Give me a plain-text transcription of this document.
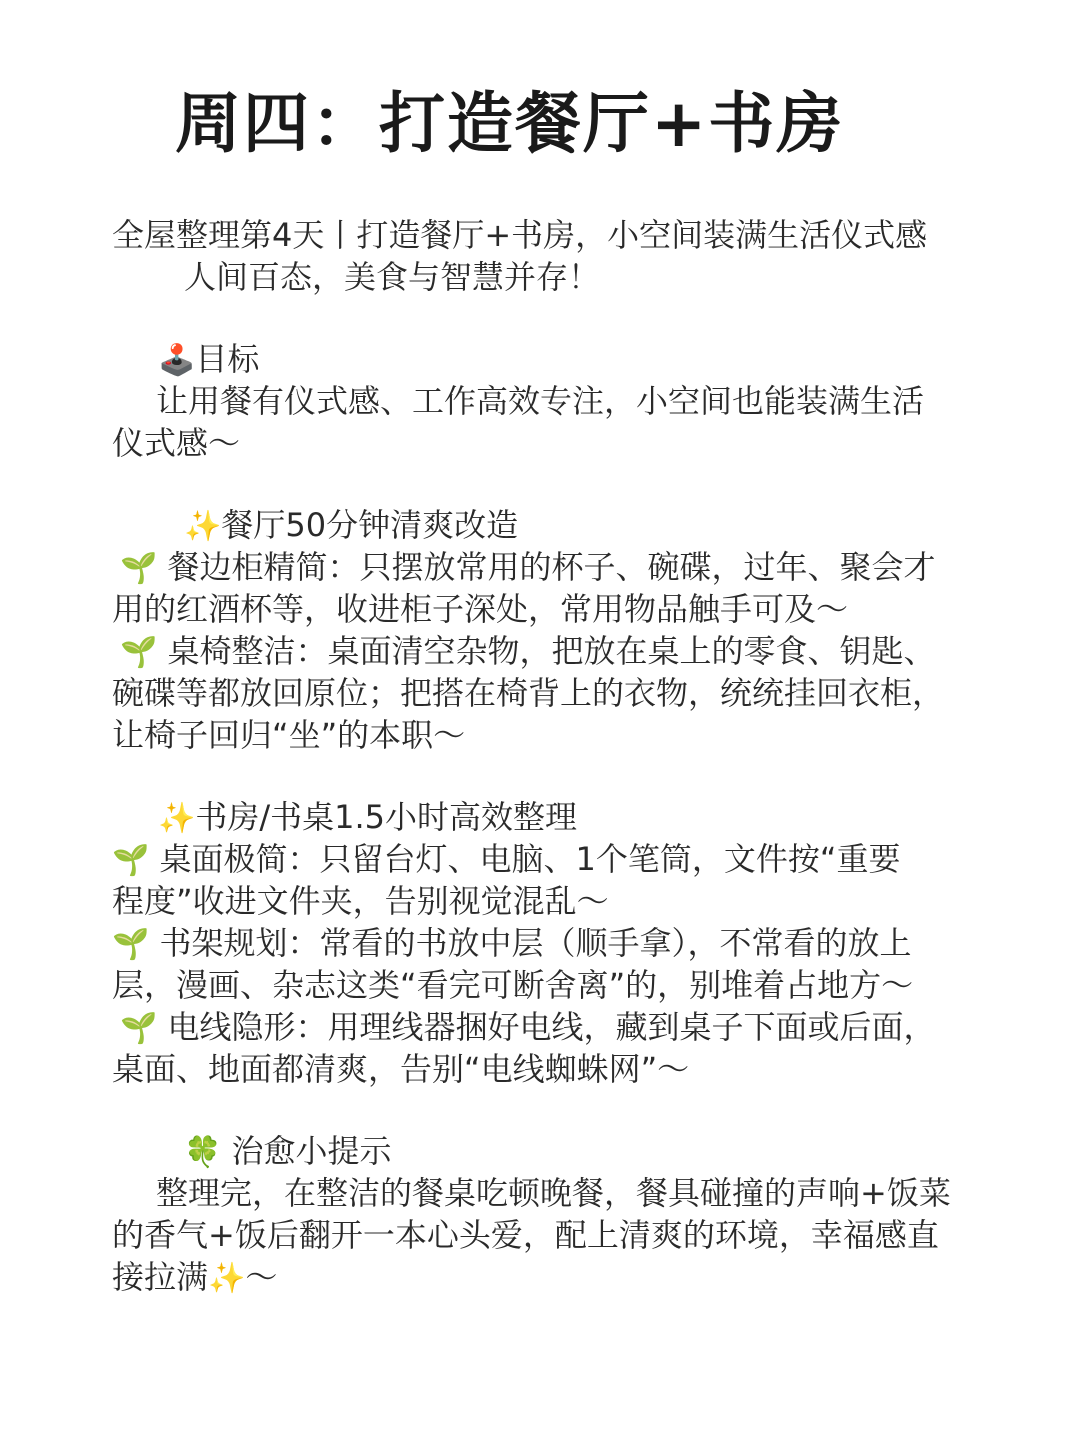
周四：打造餐厅+书房
全屋整理第4天丨打造餐厅+书房，小空间装满生活仪式感
人间百态，美食与智慧并存！
🕹️目标
让用餐有仪式感、工作高效专注，小空间也能装满生活
仪式感～
✨餐厅50分钟清爽改造
🌱 餐边柜精简：只摆放常用的杯子、碗碟，过年、聚会才
用的红酒杯等，收进柜子深处，常用物品触手可及～
🌱 桌椅整洁：桌面清空杂物，把放在桌上的零食、钥匙、
碗碟等都放回原位；把搭在椅背上的衣物，统统挂回衣柜，
让椅子回归“坐”的本职～
✨书房/书桌1.5小时高效整理
🌱 桌面极简：只留台灯、电脑、1个笔筒，文件按“重要
程度”收进文件夹，告别视觉混乱～
🌱 书架规划：常看的书放中层（顺手拿），不常看的放上
层，漫画、杂志这类“看完可断舍离”的，别堆着占地方～
🌱 电线隐形：用理线器捆好电线，藏到桌子下面或后面，
桌面、地面都清爽，告别“电线蜘蛛网”～
🍀 治愈小提示
整理完，在整洁的餐桌吃顿晚餐，餐具碰撞的声响+饭菜
的香气+饭后翻开一本心头爱，配上清爽的环境，幸福感直
接拉满✨～
